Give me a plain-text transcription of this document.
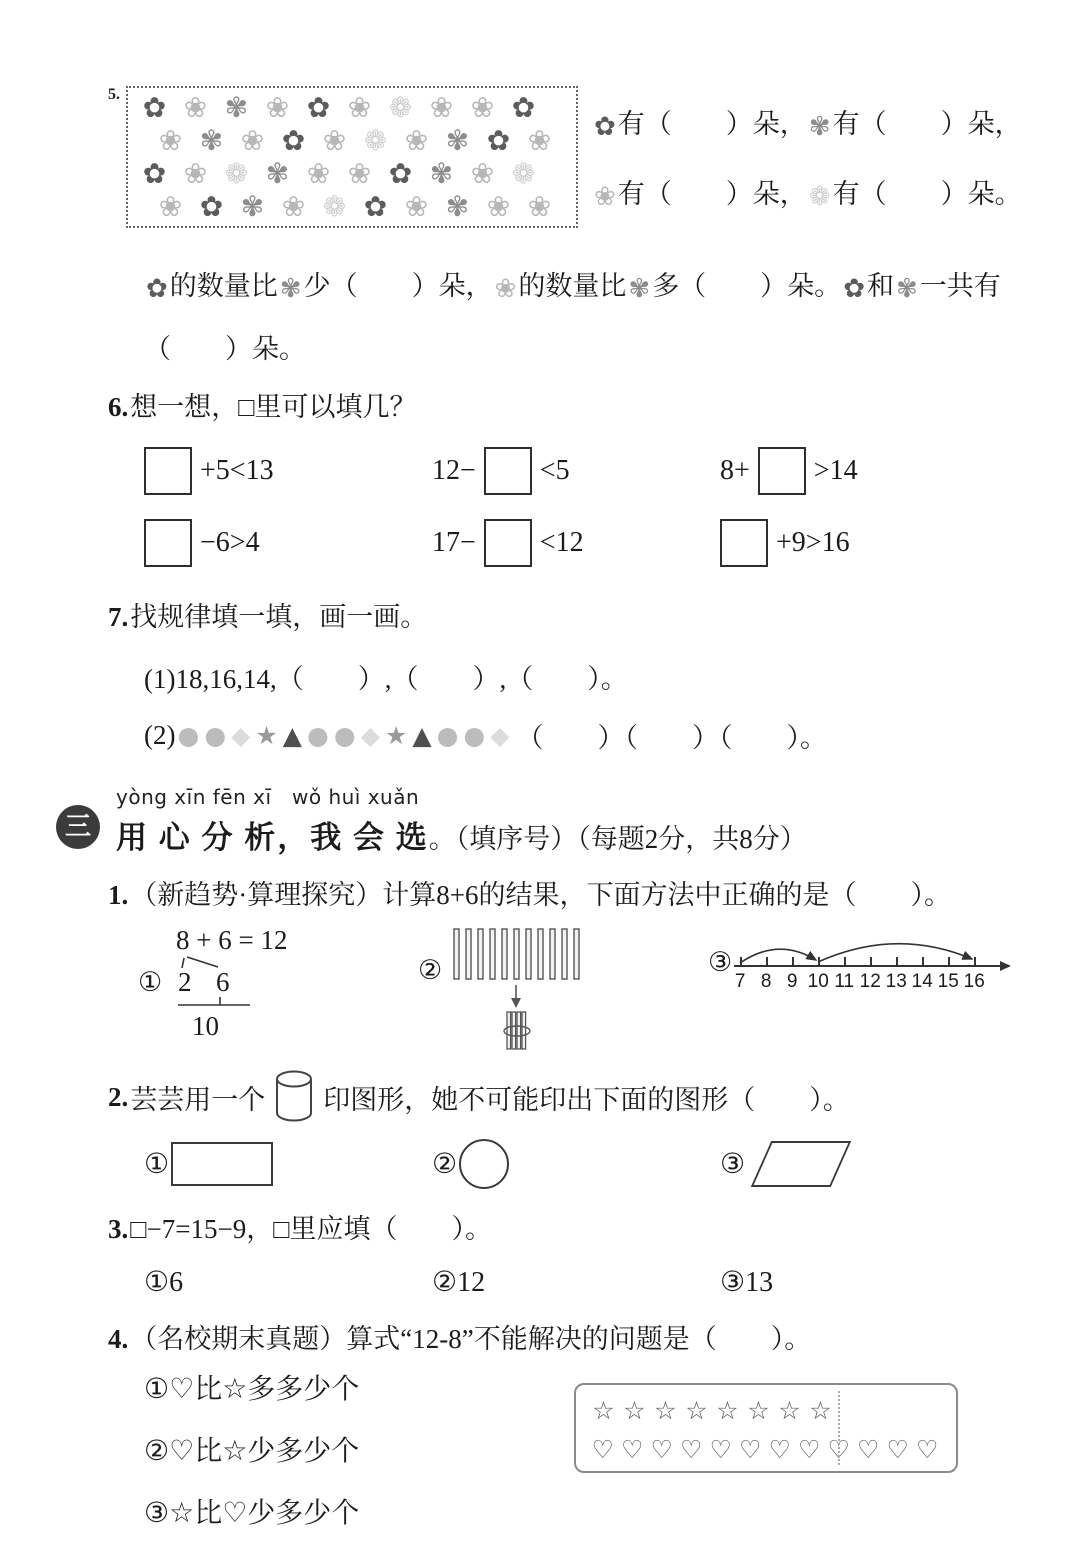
5. ✿ ❀ ✾ ❀ ✿ ❀ ❁ ❀ ❀ ✿
❀ ✾ ❀ ✿ ❀ ❁ ❀ ✾ ✿ ❀
✿ ❀ ❁ ✾ ❀ ❀ ✿ ✾ ❀ ❁
❀ ✿ ✾ ❀ ❁ ✿ ❀ ✾ ❀ ❀
✿有（　　）朵，✾有（　　）朵，
❀有（　　）朵，❁有（　　）朵。
✿的数量比✾少（　　）朵，❀的数量比✾多（　　）朵。✿和✾一共有（　　）朵。
6. 想一想，□里可以填几？
+5<13	12− <5	8+ >14
−6>4	17− <12	+9>16
7. 找规律填一填，画一画。
(1)18,16,14,（　　）,（　　）,（　　）。
(2) ● ● ◆ ★ ▲ ● ● ◆ ★ ▲ ● ● ◆ （　　）（　　）（　　）。
三
yòng xīn fēn xī　wǒ huì xuǎn
用 心 分 析，我 会 选 。（填序号）（每题2分，共8分）
1. （新趋势·算理探究）计算8+6的结果，下面方法中正确的是（　　）。
8 + 6 = 12
① 2 6
10
②	③
7 8 9 10 11 12 13 14 15 16
2. 芸芸用一个 印图形，她不可能印出下面的图形（　　）。
①	②	③
3. □−7=15−9，□里应填（　　）。
①6	②12	③13
4. （名校期末真题）算式“12-8”不能解决的问题是（　　）。
①♡比☆多多少个
②♡比☆少多少个
③☆比♡少多少个
☆ ☆ ☆ ☆ ☆ ☆ ☆ ☆
♡ ♡ ♡ ♡ ♡ ♡ ♡ ♡ ♡ ♡ ♡ ♡
